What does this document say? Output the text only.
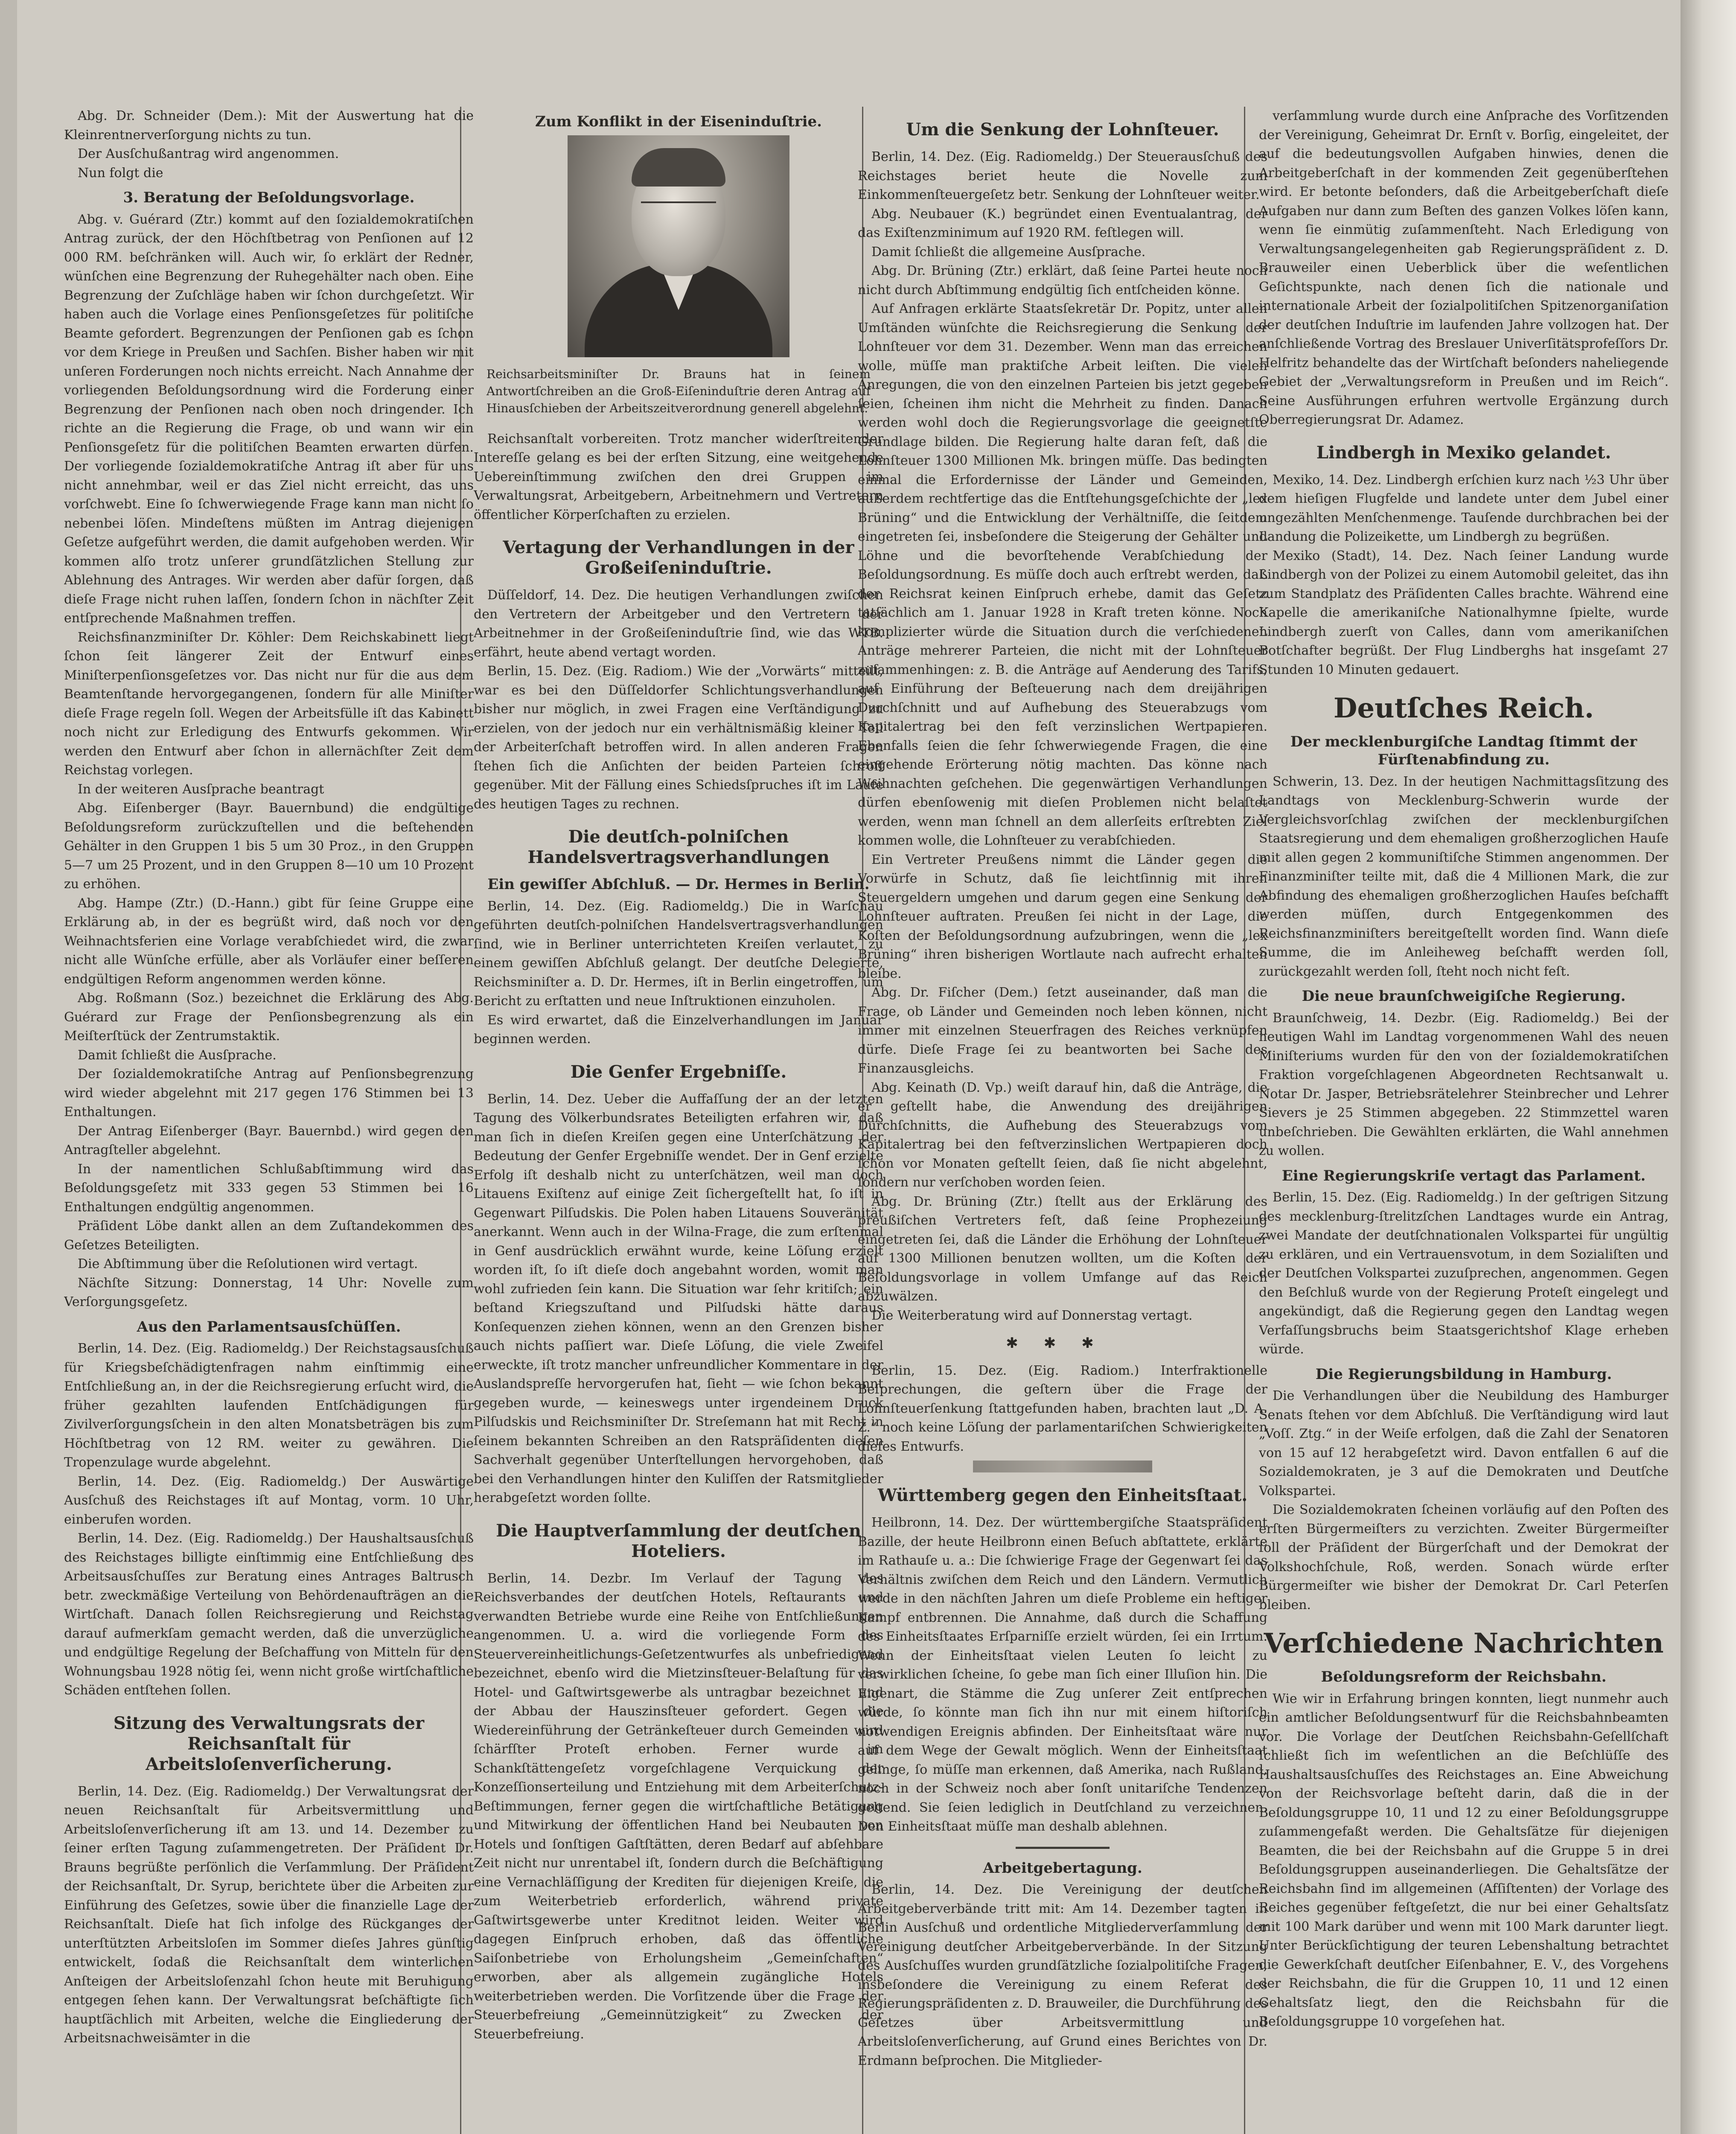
Abg. Dr. Schneider (Dem.): Mit der Auswertung hat die Kleinrentnerverſorgung nichts zu tun.

Der Ausſchußantrag wird angenommen.

Nun folgt die

3. Beratung der Beſoldungsvorlage.

Abg. v. Guérard (Ztr.) kommt auf den ſozialdemokratiſchen Antrag zurück, der den Höchſtbetrag von Penſionen auf 12 000 RM. beſchränken will. Auch wir, ſo erklärt der Redner, wünſchen eine Begrenzung der Ruhegehälter nach oben. Eine Begrenzung der Zuſchläge haben wir ſchon durchgeſetzt. Wir haben auch die Vorlage eines Penſionsgeſetzes für politiſche Beamte gefordert. Begrenzungen der Penſionen gab es ſchon vor dem Kriege in Preußen und Sachſen. Bisher haben wir mit unſeren Forderungen noch nichts erreicht. Nach Annahme der vorliegenden Beſoldungsordnung wird die Forderung einer Begrenzung der Penſionen nach oben noch dringender. Ich richte an die Regierung die Frage, ob und wann wir ein Penſionsgeſetz für die politiſchen Beamten erwarten dürfen. Der vorliegende ſozialdemokratiſche Antrag iſt aber für uns nicht annehmbar, weil er das Ziel nicht erreicht, das uns vorſchwebt. Eine ſo ſchwerwiegende Frage kann man nicht ſo nebenbei löſen. Mindeſtens müßten im Antrag diejenigen Geſetze aufgeführt werden, die damit aufgehoben werden. Wir kommen alſo trotz unſerer grundſätzlichen Stellung zur Ablehnung des Antrages. Wir werden aber dafür ſorgen, daß dieſe Frage nicht ruhen laſſen, ſondern ſchon in nächſter Zeit entſprechende Maßnahmen treffen.

Reichsfinanzminiſter Dr. Köhler: Dem Reichskabinett liegt ſchon ſeit längerer Zeit der Entwurf eines Miniſterpenſionsgeſetzes vor. Das nicht nur für die aus dem Beamtenſtande hervorgegangenen, ſondern für alle Miniſter dieſe Frage regeln ſoll. Wegen der Arbeitsfülle iſt das Kabinett noch nicht zur Erledigung des Entwurfs gekommen. Wir werden den Entwurf aber ſchon in allernächſter Zeit dem Reichstag vorlegen.

In der weiteren Ausſprache beantragt

Abg. Eiſenberger (Bayr. Bauernbund) die endgültige Beſoldungsreform zurückzuſtellen und die beſtehenden Gehälter in den Gruppen 1 bis 5 um 30 Proz., in den Gruppen 5—7 um 25 Prozent, und in den Gruppen 8—10 um 10 Prozent zu erhöhen.

Abg. Hampe (Ztr.) (D.-Hann.) gibt für ſeine Gruppe eine Erklärung ab, in der es begrüßt wird, daß noch vor den Weihnachtsferien eine Vorlage verabſchiedet wird, die zwar nicht alle Wünſche erfülle, aber als Vorläufer einer beſſeren endgültigen Reform angenommen werden könne.

Abg. Roßmann (Soz.) bezeichnet die Erklärung des Abg. Guérard zur Frage der Penſionsbegrenzung als ein Meiſterſtück der Zentrumstaktik.

Damit ſchließt die Ausſprache.

Der ſozialdemokratiſche Antrag auf Penſionsbegrenzung wird wieder abgelehnt mit 217 gegen 176 Stimmen bei 13 Enthaltungen.

Der Antrag Eiſenberger (Bayr. Bauernbd.) wird gegen den Antragſteller abgelehnt.

In der namentlichen Schlußabſtimmung wird das Beſoldungsgeſetz mit 333 gegen 53 Stimmen bei 16 Enthaltungen endgültig angenommen.

Präſident Löbe dankt allen an dem Zuſtandekommen des Geſetzes Beteiligten.

Die Abſtimmung über die Reſolutionen wird vertagt.

Nächſte Sitzung: Donnerstag, 14 Uhr: Novelle zum Verſorgungsgeſetz.

Aus den Parlamentsausſchüſſen.

Berlin, 14. Dez. (Eig. Radiomeldg.) Der Reichstagsausſchuß für Kriegsbeſchädigtenfragen nahm einſtimmig eine Entſchließung an, in der die Reichsregierung erſucht wird, die früher gezahlten laufenden Entſchädigungen für Zivilverſorgungsſchein in den alten Monatsbeträgen bis zum Höchſtbetrag von 12 RM. weiter zu gewähren. Die Tropenzulage wurde abgelehnt.

Berlin, 14. Dez. (Eig. Radiomeldg.) Der Auswärtige Ausſchuß des Reichstages iſt auf Montag, vorm. 10 Uhr, einberufen worden.

Berlin, 14. Dez. (Eig. Radiomeldg.) Der Haushaltsausſchuß des Reichstages billigte einſtimmig eine Entſchließung des Arbeitsausſchuſſes zur Beratung eines Antrages Baltrusch betr. zweckmäßige Verteilung von Behördenaufträgen an die Wirtſchaft. Danach ſollen Reichsregierung und Reichstag darauf aufmerkſam gemacht werden, daß die unverzügliche und endgültige Regelung der Beſchaffung von Mitteln für den Wohnungsbau 1928 nötig ſei, wenn nicht große wirtſchaftliche Schäden entſtehen ſollen.

Sitzung des Verwaltungsrats der Reichsanſtalt für Arbeitsloſenverſicherung.

Berlin, 14. Dez. (Eig. Radiomeldg.) Der Verwaltungsrat der neuen Reichsanſtalt für Arbeitsvermittlung und Arbeitsloſenverſicherung iſt am 13. und 14. Dezember zu ſeiner erſten Tagung zuſammengetreten. Der Präſident Dr. Brauns begrüßte perſönlich die Verſammlung. Der Präſident der Reichsanſtalt, Dr. Syrup, berichtete über die Arbeiten zur Einführung des Geſetzes, sowie über die finanzielle Lage der Reichsanſtalt. Dieſe hat ſich infolge des Rückganges der unterſtützten Arbeitsloſen im Sommer dieſes Jahres günſtig entwickelt, ſodaß die Reichsanſtalt dem winterlichen Anſteigen der Arbeitsloſenzahl ſchon heute mit Beruhigung entgegen ſehen kann. Der Verwaltungsrat beſchäftigte ſich hauptſächlich mit Arbeiten, welche die Eingliederung der Arbeitsnachweisämter in die

Zum Konflikt in der Eiseninduſtrie.
Reichsarbeitsminiſter Dr. Brauns hat in ſeinem Antwortſchreiben an die Groß-Eiſeninduſtrie deren Antrag auf Hinausſchieben der Arbeitszeitverordnung generell abgelehnt.

Reichsanſtalt vorbereiten. Trotz mancher widerſtreitender Intereſſe gelang es bei der erſten Sitzung, eine weitgehende Uebereinſtimmung zwiſchen den drei Gruppen im Verwaltungsrat, Arbeitgebern, Arbeitnehmern und Vertretern öffentlicher Körperſchaften zu erzielen.

Vertagung der Verhandlungen in der Großeiſeninduſtrie.

Düſſeldorf, 14. Dez. Die heutigen Verhandlungen zwiſchen den Vertretern der Arbeitgeber und den Vertretern der Arbeitnehmer in der Großeiſeninduſtrie ſind, wie das WTB. erfährt, heute abend vertagt worden.

Berlin, 15. Dez. (Eig. Radiom.) Wie der „Vorwärts“ mitteilt, war es bei den Düſſeldorfer Schlichtungsverhandlungen bisher nur möglich, in zwei Fragen eine Verſtändigung zu erzielen, von der jedoch nur ein verhältnismäßig kleiner Teil der Arbeiterſchaft betroffen wird. In allen anderen Fragen ſtehen ſich die Anſichten der beiden Parteien ſchroff gegenüber. Mit der Fällung eines Schiedsſpruches iſt im Laufe des heutigen Tages zu rechnen.

Die deutſch-polniſchen Handelsvertragsverhandlungen
Ein gewiſſer Abſchluß. — Dr. Hermes in Berlin.

Berlin, 14. Dez. (Eig. Radiomeldg.) Die in Warſchau geführten deutſch-polniſchen Handelsvertragsverhandlungen ſind, wie in Berliner unterrichteten Kreiſen verlautet, zu einem gewiſſen Abſchluß gelangt. Der deutſche Delegierte, Reichsminiſter a. D. Dr. Hermes, iſt in Berlin eingetroffen, um Bericht zu erſtatten und neue Inſtruktionen einzuholen.

Es wird erwartet, daß die Einzelverhandlungen im Januar beginnen werden.

Die Genfer Ergebniſſe.

Berlin, 14. Dez. Ueber die Auffaſſung der an der letzten Tagung des Völkerbundsrates Beteiligten erfahren wir, daß man ſich in dieſen Kreiſen gegen eine Unterſchätzung der Bedeutung der Genfer Ergebniſſe wendet. Der in Genf erzielte Erfolg iſt deshalb nicht zu unterſchätzen, weil man doch Litauens Exiſtenz auf einige Zeit ſichergeſtellt hat, ſo iſt in Gegenwart Pilſudskis. Die Polen haben Litauens Souveränität anerkannt. Wenn auch in der Wilna-Frage, die zum erſtenmal in Genf ausdrücklich erwähnt wurde, keine Löſung erzielt worden iſt, ſo iſt dieſe doch angebahnt worden, womit man wohl zufrieden ſein kann. Die Situation war ſehr kritiſch; ein beſtand Kriegszuſtand und Pilſudski hätte daraus Konſequenzen ziehen können, wenn an den Grenzen bisher auch nichts paſſiert war. Dieſe Löſung, die viele Zweifel erweckte, iſt trotz mancher unfreundlicher Kommentare in der Auslandspreſſe hervorgerufen hat, ſieht — wie ſchon bekannt gegeben wurde, — keineswegs unter irgendeinem Druck Pilſudskis und Reichsminiſter Dr. Streſemann hat mit Recht in ſeinem bekannten Schreiben an den Ratspräſidenten dieſen Sachverhalt gegenüber Unterſtellungen hervorgehoben, daß bei den Verhandlungen hinter den Kuliſſen der Ratsmitglieder herabgeſetzt worden ſollte.

Die Hauptverſammlung der deutſchen Hoteliers.

Berlin, 14. Dezbr. Im Verlauf der Tagung des Reichsverbandes der deutſchen Hotels, Reſtaurants und verwandten Betriebe wurde eine Reihe von Entſchließungen angenommen. U. a. wird die vorliegende Form des Steuervereinheitlichungs-Geſetzentwurfes als unbefriedigend bezeichnet, ebenſo wird die Mietzinsſteuer-Belaſtung für das Hotel- und Gaſtwirtsgewerbe als untragbar bezeichnet und der Abbau der Hauszinsſteuer gefordert. Gegen die Wiedereinführung der Getränkeſteuer durch Gemeinden wird ſchärfſter Proteſt erhoben. Ferner wurde im Schankſtättengeſetz vorgeſchlagene Verquickung der Konzeſſionserteilung und Entziehung mit dem Arbeiterſchutz-Beſtimmungen, ferner gegen die wirtſchaftliche Betätigung und Mitwirkung der öffentlichen Hand bei Neubauten von Hotels und ſonſtigen Gaſtſtätten, deren Bedarf auf abſehbare Zeit nicht nur unrentabel iſt, ſondern durch die Beſchäftigung eine Vernachläſſigung der Krediten für diejenigen Kreiſe, die zum Weiterbetrieb erforderlich, während private Gaſtwirtsgewerbe unter Kreditnot leiden. Weiter wird dagegen Einſpruch erhoben, daß das öffentliche Saiſonbetriebe von Erholungsheim „Gemeinſchaften“ erworben, aber als allgemein zugängliche Hotels weiterbetrieben werden. Die Vorſitzende über die Frage der Steuerbefreiung „Gemeinnützigkeit“ zu Zwecken der Steuerbefreiung.

Um die Senkung der Lohnſteuer.

Berlin, 14. Dez. (Eig. Radiomeldg.) Der Steuerausſchuß des Reichstages beriet heute die Novelle zum Einkommenſteuergeſetz betr. Senkung der Lohnſteuer weiter.

Abg. Neubauer (K.) begründet einen Eventualantrag, der das Exiſtenzminimum auf 1920 RM. feſtlegen will.

Damit ſchließt die allgemeine Ausſprache.

Abg. Dr. Brüning (Ztr.) erklärt, daß ſeine Partei heute noch nicht durch Abſtimmung endgültig ſich entſcheiden könne.

Auf Anfragen erklärte Staatsſekretär Dr. Popitz, unter allen Umſtänden wünſchte die Reichsregierung die Senkung der Lohnſteuer vor dem 31. Dezember. Wenn man das erreichen wolle, müſſe man praktiſche Arbeit leiſten. Die vielen Anregungen, die von den einzelnen Parteien bis jetzt gegeben ſeien, ſcheinen ihm nicht die Mehrheit zu finden. Danach werden wohl doch die Regierungsvorlage die geeignetſte Grundlage bilden. Die Regierung halte daran feſt, daß die Lohnſteuer 1300 Millionen Mk. bringen müſſe. Das bedingten einmal die Erfordernisse der Länder und Gemeinden, außerdem rechtfertige das die Entſtehungsgeſchichte der „lex Brüning“ und die Entwicklung der Verhältniſſe, die ſeitdem eingetreten ſei, insbeſondere die Steigerung der Gehälter und Löhne und die bevorſtehende Verabſchiedung der Beſoldungsordnung. Es müſſe doch auch erſtrebt werden, daß der Reichsrat keinen Einſpruch erhebe, damit das Geſetz tatſächlich am 1. Januar 1928 in Kraft treten könne. Noch komplizierter würde die Situation durch die verſchiedenen Anträge mehrerer Parteien, die nicht mit der Lohnſteuer zuſammenhingen: z. B. die Anträge auf Aenderung des Tarifs, auf Einführung der Beſteuerung nach dem dreijährigen Durchſchnitt und auf Aufhebung des Steuerabzugs vom Kapitalertrag bei den feſt verzinslichen Wertpapieren. Ebenfalls ſeien die ſehr ſchwerwiegende Fragen, die eine eingehende Erörterung nötig machten. Das könne nach Weihnachten geſchehen. Die gegenwärtigen Verhandlungen dürfen ebenſowenig mit dieſen Problemen nicht belaſtet werden, wenn man ſchnell an dem allerſeits erſtrebten Ziel kommen wolle, die Lohnſteuer zu verabſchieden.

Ein Vertreter Preußens nimmt die Länder gegen die Vorwürfe in Schutz, daß ſie leichtſinnig mit ihren Steuergeldern umgehen und darum gegen eine Senkung der Lohnſteuer auftraten. Preußen ſei nicht in der Lage, die Koſten der Beſoldungsordnung aufzubringen, wenn die „lex Brüning“ ihren bisherigen Wortlaute nach aufrecht erhalten bleibe.

Abg. Dr. Fiſcher (Dem.) ſetzt auseinander, daß man die Frage, ob Länder und Gemeinden noch leben können, nicht immer mit einzelnen Steuerfragen des Reiches verknüpfen dürfe. Dieſe Frage ſei zu beantworten bei Sache des Finanzausgleichs.

Abg. Keinath (D. Vp.) weiſt darauf hin, daß die Anträge, die er geſtellt habe, die Anwendung des dreijährigen Durchſchnitts, die Aufhebung des Steuerabzugs vom Kapitalertrag bei den feſtverzinslichen Wertpapieren doch ſchon vor Monaten geſtellt ſeien, daß ſie nicht abgelehnt, ſondern nur verſchoben worden ſeien.

Abg. Dr. Brüning (Ztr.) ſtellt aus der Erklärung des preußiſchen Vertreters feſt, daß ſeine Prophezeiung eingetreten ſei, daß die Länder die Erhöhung der Lohnſteuer auf 1300 Millionen benutzen wollten, um die Koſten der Beſoldungsvorlage in vollem Umfange auf das Reich abzuwälzen.

Die Weiterberatung wird auf Donnerstag vertagt.

✱✱✱

Berlin, 15. Dez. (Eig. Radiom.) Interfraktionelle Beſprechungen, die geſtern über die Frage der Lohnſteuerſenkung ſtattgefunden haben, brachten laut „D. A. Z.“ noch keine Löſung der parlamentariſchen Schwierigkeiten dieſes Entwurfs.

Württemberg gegen den Einheitsſtaat.

Heilbronn, 14. Dez. Der württembergiſche Staatspräſident Bazille, der heute Heilbronn einen Beſuch abſtattete, erklärte im Rathauſe u. a.: Die ſchwierige Frage der Gegenwart ſei das Verhältnis zwiſchen dem Reich und den Ländern. Vermutlich werde in den nächſten Jahren um dieſe Probleme ein heftiger Kampf entbrennen. Die Annahme, daß durch die Schaffung des Einheitsſtaates Erſparniſſe erzielt würden, ſei ein Irrtum. Wenn der Einheitsſtaat vielen Leuten ſo leicht zu verwirklichen ſcheine, ſo gebe man ſich einer Illuſion hin. Die Eigenart, die Stämme die Zug unſerer Zeit entſprechen würde, ſo könnte man ſich ihn nur mit einem hiſtoriſch notwendigen Ereignis abfinden. Der Einheitsſtaat wäre nur auf dem Wege der Gewalt möglich. Wenn der Einheitsſtaat gelinge, ſo müſſe man erkennen, daß Amerika, nach Rußland, noch in der Schweiz noch aber ſonſt unitariſche Tendenzen geltend. Sie ſeien lediglich in Deutſchland zu verzeichnen. Den Einheitsſtaat müſſe man deshalb ablehnen.

Arbeitgebertagung.

Berlin, 14. Dez. Die Vereinigung der deutſchen Arbeitgeberverbände tritt mit: Am 14. Dezember tagten in Berlin Ausſchuß und ordentliche Mitgliederverſammlung der Vereinigung deutſcher Arbeitgeberverbände. In der Sitzung des Ausſchuſſes wurden grundſätzliche ſozialpolitiſche Fragen, insbeſondere die Vereinigung zu einem Referat des Regierungspräſidenten z. D. Brauweiler, die Durchführung des Geſetzes über Arbeitsvermittlung und Arbeitsloſenverſicherung, auf Grund eines Berichtes von Dr. Erdmann beſprochen. Die Mitglieder-

verſammlung wurde durch eine Anſprache des Vorſitzenden der Vereinigung, Geheimrat Dr. Ernſt v. Borſig, eingeleitet, der auf die bedeutungsvollen Aufgaben hinwies, denen die Arbeitgeberſchaft in der kommenden Zeit gegenüberſtehen wird. Er betonte beſonders, daß die Arbeitgeberſchaft dieſe Aufgaben nur dann zum Beſten des ganzen Volkes löſen kann, wenn ſie einmütig zuſammenſteht. Nach Erledigung von Verwaltungsangelegenheiten gab Regierungspräſident z. D. Brauweiler einen Ueberblick über die weſentlichen Geſichtspunkte, nach denen ſich die nationale und internationale Arbeit der ſozialpolitiſchen Spitzenorganiſation der deutſchen Induſtrie im laufenden Jahre vollzogen hat. Der anſchließende Vortrag des Breslauer Univerſitätsprofeſſors Dr. Helfritz behandelte das der Wirtſchaft beſonders naheliegende Gebiet der „Verwaltungsreform in Preußen und im Reich“. Seine Ausführungen erfuhren wertvolle Ergänzung durch Oberregierungsrat Dr. Adamez.

Lindbergh in Mexiko gelandet.

Mexiko, 14. Dez. Lindbergh erſchien kurz nach ½3 Uhr über dem hieſigen Flugfelde und landete unter dem Jubel einer ungezählten Menſchenmenge. Tauſende durchbrachen bei der Landung die Polizeikette, um Lindbergh zu begrüßen.

Mexiko (Stadt), 14. Dez. Nach ſeiner Landung wurde Lindbergh von der Polizei zu einem Automobil geleitet, das ihn zum Standplatz des Präſidenten Calles brachte. Während eine Kapelle die amerikaniſche Nationalhymne ſpielte, wurde Lindbergh zuerſt von Calles, dann vom amerikaniſchen Botſchafter begrüßt. Der Flug Lindberghs hat insgeſamt 27 Stunden 10 Minuten gedauert.

Deutſches Reich.
Der mecklenburgiſche Landtag ſtimmt der Fürſtenabfindung zu.

Schwerin, 13. Dez. In der heutigen Nachmittagsſitzung des Landtags von Mecklenburg-Schwerin wurde der Vergleichsvorſchlag zwiſchen der mecklenburgiſchen Staatsregierung und dem ehemaligen großherzoglichen Hauſe mit allen gegen 2 kommuniſtiſche Stimmen angenommen. Der Finanzminiſter teilte mit, daß die 4 Millionen Mark, die zur Abfindung des ehemaligen großherzoglichen Hauſes beſchafft werden müſſen, durch Entgegenkommen des Reichsfinanzminiſters bereitgeſtellt worden ſind. Wann dieſe Summe, die im Anleiheweg beſchafft werden ſoll, zurückgezahlt werden ſoll, ſteht noch nicht feſt.

Die neue braunſchweigiſche Regierung.

Braunſchweig, 14. Dezbr. (Eig. Radiomeldg.) Bei der heutigen Wahl im Landtag vorgenommenen Wahl des neuen Miniſteriums wurden für den von der ſozialdemokratiſchen Fraktion vorgeſchlagenen Abgeordneten Rechtsanwalt u. Notar Dr. Jasper, Betriebsrätelehrer Steinbrecher und Lehrer Sievers je 25 Stimmen abgegeben. 22 Stimmzettel waren unbeſchrieben. Die Gewählten erklärten, die Wahl annehmen zu wollen.

Eine Regierungskriſe vertagt das Parlament.

Berlin, 15. Dez. (Eig. Radiomeldg.) In der geſtrigen Sitzung des mecklenburg-ſtrelitzſchen Landtages wurde ein Antrag, zwei Mandate der deutſchnationalen Volkspartei für ungültig zu erklären, und ein Vertrauensvotum, in dem Sozialiſten und der Deutſchen Volkspartei zuzuſprechen, angenommen. Gegen den Beſchluß wurde von der Regierung Proteſt eingelegt und angekündigt, daß die Regierung gegen den Landtag wegen Verfaſſungsbruchs beim Staatsgerichtshof Klage erheben würde.

Die Regierungsbildung in Hamburg.

Die Verhandlungen über die Neubildung des Hamburger Senats ſtehen vor dem Abſchluß. Die Verſtändigung wird laut „Voſſ. Ztg.“ in der Weiſe erfolgen, daß die Zahl der Senatoren von 15 auf 12 herabgeſetzt wird. Davon entfallen 6 auf die Sozialdemokraten, je 3 auf die Demokraten und Deutſche Volkspartei.

Die Sozialdemokraten ſcheinen vorläufig auf den Poſten des erſten Bürgermeiſters zu verzichten. Zweiter Bürgermeiſter ſoll der Präſident der Bürgerſchaft und der Demokrat der Volkshochſchule, Roß, werden. Sonach würde erſter Bürgermeiſter wie bisher der Demokrat Dr. Carl Peterſen bleiben.

Verſchiedene Nachrichten
Beſoldungsreform der Reichsbahn.

Wie wir in Erfahrung bringen konnten, liegt nunmehr auch ein amtlicher Beſoldungsentwurf für die Reichsbahnbeamten vor. Die Vorlage der Deutſchen Reichsbahn-Geſellſchaft ſchließt ſich im weſentlichen an die Beſchlüſſe des Haushaltsausſchuſſes des Reichstages an. Eine Abweichung von der Reichsvorlage beſteht darin, daß die in der Beſoldungsgruppe 10, 11 und 12 zu einer Beſoldungsgruppe zuſammengefaßt werden. Die Gehaltsſätze für diejenigen Beamten, die bei der Reichsbahn auf die Gruppe 5 in drei Beſoldungsgruppen auseinanderliegen. Die Gehaltsſätze der Reichsbahn ſind im allgemeinen (Afſiſtenten) der Vorlage des Reiches gegenüber feſtgeſetzt, die nur bei einer Gehaltsſatz mit 100 Mark darüber und wenn mit 100 Mark darunter liegt. Unter Berückſichtigung der teuren Lebenshaltung betrachtet die Gewerkſchaft deutſcher Eiſenbahner, E. V., des Vorgehens der Reichsbahn, die für die Gruppen 10, 11 und 12 einen Gehaltsſatz liegt, den die Reichsbahn für die Beſoldungsgruppe 10 vorgeſehen hat.
